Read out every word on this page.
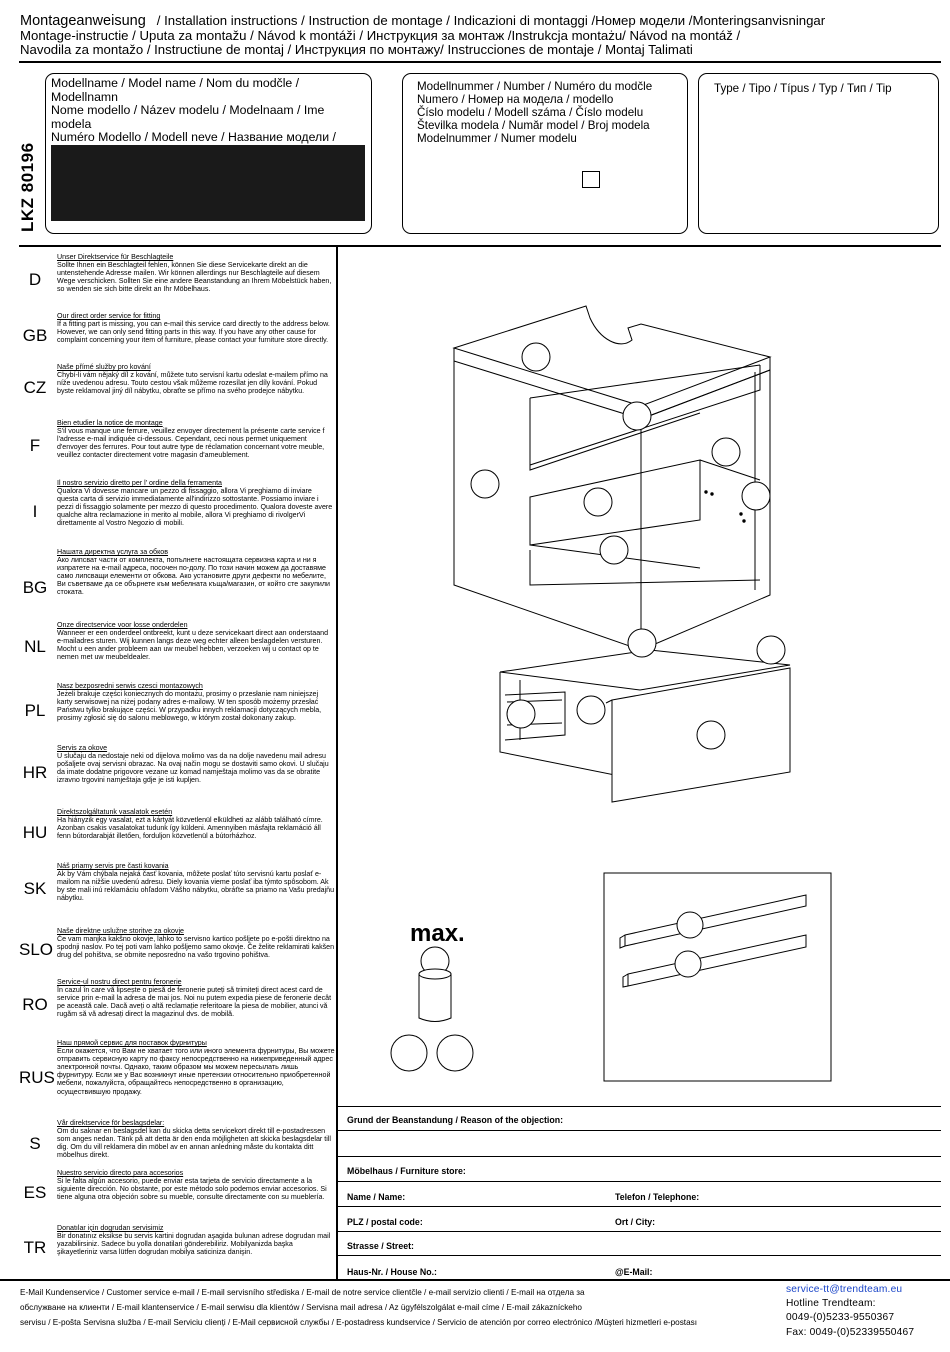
Montageanweisung / Installation instructions / Instruction de montage / Indicazioni di montaggi /Номер модели /Monteringsanvisningar
Montage-instructie / Uputa za montažu / Návod k montáži / Инструкция за монтаж /Instrukcja montażu/ Návod na montáž /
Navodila za montažo / Instructiune de montaj / Инструкция по монтажу/ Instrucciones de montaje / Montaj Talimati
LKZ 80196
Modellname / Model name / Nom du modčle / Modellnamn
Nome modello / Název modelu / Modelnaam / Ime modela
Numéro Modello / Modell neve / Название модели /
Modellnummer / Number / Numéro du modčle
Numero / Номер на модела / modello
Číslo modelu / Modell száma / Číslo modelu
Številka modela / Număr model / Broj modela
Modelnummer / Numer modelu
Type / Tipo / Típus / Typ / Тип / Tip
D
Unser Direktservice für Beschlagteile
Sollte Ihnen ein Beschlagteil fehlen, können Sie diese Servicekarte direkt an die untenstehende Adresse mailen. Wir können allerdings nur Beschlagteile auf diesem Wege verschicken. Sollten Sie eine andere Beanstandung an Ihrem Möbelstück haben, so wenden sie sich bitte direkt an Ihr Möbelhaus.
GB
Our direct order service for fitting
If a fitting part is missing, you can e-mail this service card directly to the address below. However, we can only send fitting parts in this way. If you have any other cause for complaint concerning your item of furniture, please contact your furniture store directly.
CZ
Naše přímé služby pro kování
Chybí-li vám nějaký díl z kování, můžete tuto servisní kartu odeslat e-mailem přímo na níže uvedenou adresu. Touto cestou však můžeme rozesílat jen díly kování. Pokud byste reklamoval jiný díl nábytku, obraťte se přímo na svého prodejce nábytku.
F
Bien etudier la notice de montage
S'il vous manque une ferrure, veuillez envoyer directement la présente carte service f l'adresse e-mail indiquée ci-dessous. Cependant, ceci nous permet uniquement d'envoyer des ferrures. Pour tout autre type de réclamation concernant votre meuble, veuillez contacter directement votre magasin d'ameublement.
I
Il nostro servizio diretto per l' ordine della ferramenta
Qualora Vi dovesse mancare un pezzo di fissaggio, allora Vi preghiamo di inviare questa carta di servizio immediatamente all'indirizzo sottostante. Possiamo inviare i pezzi di fissaggio solamente per mezzo di questo procedimento. Qualora doveste avere qualche altra reclamazione in merito al mobile, allora Vi preghiamo di rivolgerVi direttamente al Vostro Negozio di mobili.
BG
Нашата директна услуга за обков
Ако липсват части от комплекта, попълнете настоящата сервизна карта и ни я изпратете на e-mail адреса, посочен по-долу. По този начин можем да доставяме само липсващи елементи от обкова. Ако установите други дефекти по мебелите, Ви съветваме да се обърнете към мебелната къща/магазин, от който сте закупили стоката.
NL
Onze directservice voor losse onderdelen
Wanneer er een onderdeel ontbreekt, kunt u deze servicekaart direct aan onderstaand e-mailadres sturen. Wij kunnen langs deze weg echter alleen beslagdelen versturen. Mocht u een ander probleem aan uw meubel hebben, verzoeken wij u contact op te nemen met uw meubeldealer.
PL
Nasz bezposredni serwis czesci montazowych
Jeżeli brakuje części koniecznych do montażu, prosimy o przesłanie nam niniejszej karty serwisowej na niżej podany adres e-mailowy. W ten sposób możemy przesłać Państwu tylko brakujące części. W przypadku innych reklamacji dotyczących mebla, prosimy zgłosić się do salonu meblowego, w którym został dokonany zakup.
HR
Servis za okove
U slučaju da nedostaje neki od dijelova molimo vas da na dolje navedenu mail adresu pošaljete ovaj servisni obrazac. Na ovaj način mogu se dostaviti samo okovi. U slučaju da imate dodatne prigovore vezane uz komad namještaja molimo vas da se obratite izravno trgovini namještaja gdje je isti kupljen.
HU
Direktszolgáltatunk vasalatok esetén
Ha hiányzik egy vasalat, ezt a kártyát közvetlenül elküldheti az alább található címre. Azonban csakis vasalatokat tudunk így küldeni. Amennyiben másfajta reklamáció áll fenn bútordarabját illetően, forduljon közvetlenül a bútorházhoz.
SK
Náš priamy servis pre časti kovania
Ak by Vám chýbala nejaká časť kovania, môžete poslať túto servisnú kartu poslať e-mailom na nižšie uvedenú adresu. Diely kovania vieme poslať iba týmto spôsobom. Ak by ste mali inú reklamáciu ohľadom Vášho nábytku, obráťte sa priamo na Vašu predajňu nábytku.
SLO
Naše direktne uslužne storitve za okovje
Če vam manjka kakšno okovje, lahko to servisno kartico pošljete po e-pošti direktno na spodnji naslov. Po tej poti vam lahko pošljemo samo okovje. Če želite reklamirati kakšen drug del pohištva, se obrnite neposredno na vašo trgovino pohištva.
RO
Service-ul nostru direct pentru feronerie
În cazul în care vă lipsește o piesă de feronerie puteți să trimiteți direct acest card de service prin e-mail la adresa de mai jos. Noi nu putem expedia piese de feronerie decât pe această cale. Dacă aveți o altă reclamație referitoare la piesa de mobilier, atunci vă rugăm să vă adresați direct la magazinul dvs. de mobilă.
RUS
Наш прямой сервис для поставок фурнитуры
Если окажется, что Вам не хватает того или иного элемента фурнитуры, Вы можете отправить сервисную карту по факсу непосредственно на нижеприведенный адрес электронной почты. Однако, таким образом мы можем пересылать лишь фурнитуру. Если же у Вас возникнут иные претензии относительно приобретенной мебели, пожалуйста, обращайтесь непосредственно в организацию, осуществившую продажу.
S
Vår direktservice för beslagsdelar:
Om du saknar en beslagsdel kan du skicka detta servicekort direkt till e-postadressen som anges nedan. Tänk på att detta är den enda möjligheten att skicka beslagsdelar till dig. Om du vill reklamera din möbel av en annan anledning måste du kontakta ditt möbelhus direkt.
ES
Nuestro servicio directo para accesorios
Si le falta algún accesorio, puede enviar esta tarjeta de servicio directamente a la siguiente dirección. No obstante, por este método solo podemos enviar accesorios. Si tiene alguna otra objeción sobre su mueble, consulte directamente con su mueblería.
TR
Donatılar için dogrudan servisimiz
Bir donatınız eksikse bu servis kartini dogrudan aşagida bulunan adrese dogrudan mail yazabilirsiniz. Sadece bu yolla donatilari gönderebiliriz. Mobilyanizda başka şikayetleriniz varsa lütfen dogrudan mobilya saticiniza danişin.
max.
Grund der Beanstandung / Reason of the objection:
Möbelhaus / Furniture store:
Name / Name:	Telefon / Telephone:
PLZ / postal code:	Ort / City:
Strasse / Street:
Haus-Nr. / House No.:	@E-Mail:
E-Mail Kundenservice / Customer service e-mail / E-mail servisního střediska / E-mail de notre service clientčle / e-mail servizio clienti / E-mail на отдела за
обслужване на клиенти / E-mail klantenservice / E-mail serwisu dla klientów / Servisna mail adresa / Az ügyfélszolgálat e-mail címe / E-mail zákazníckeho
servisu / E-pošta Servisna služba / E-mail Serviciu clienți / E-Mail сервисной службы / E-postadress kundservice / Servicio de atención por correo electrónico /Müşteri hizmetleri e-postası
service-tt@trendteam.eu
Hotline Trendteam:
0049-(0)5233-9550367
Fax: 0049-(0)52339550467
